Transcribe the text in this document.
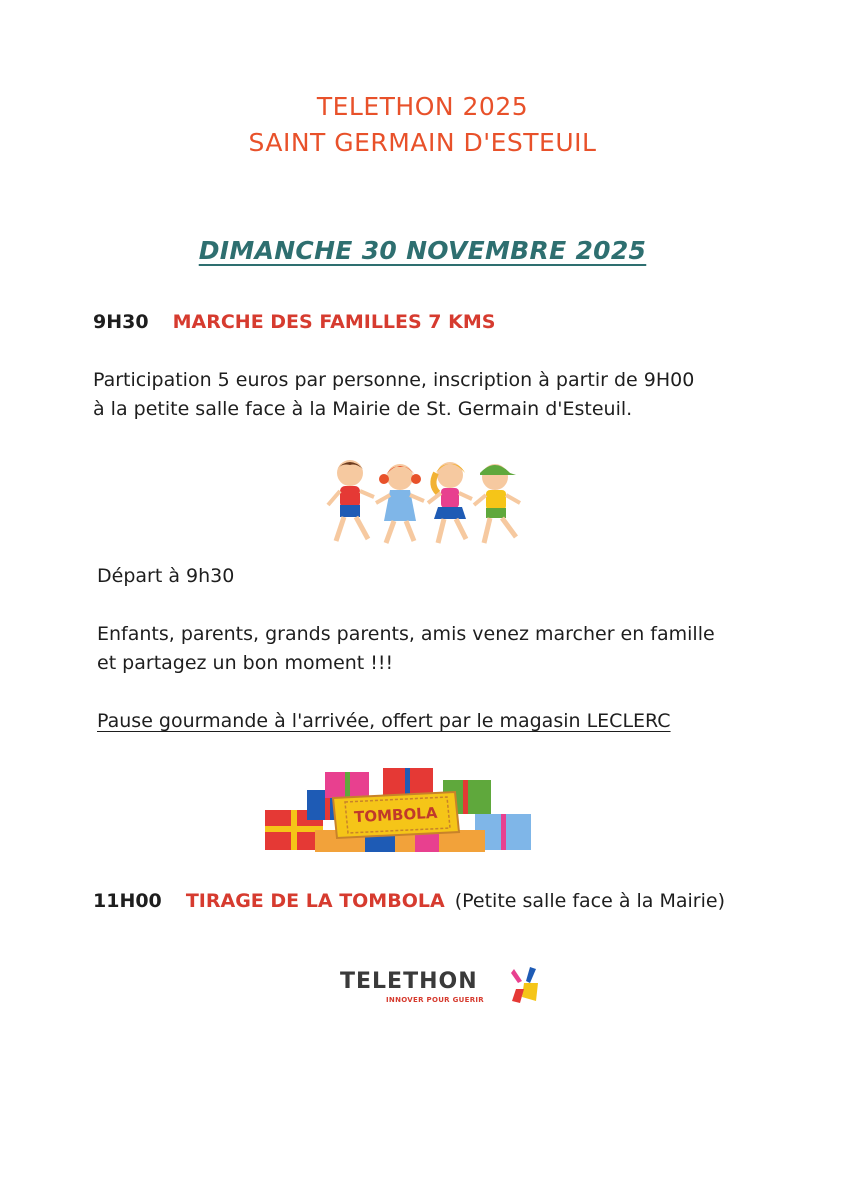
TELETHON 2025
SAINT GERMAIN D'ESTEUIL
DIMANCHE 30 NOVEMBRE 2025
9H30 MARCHE DES FAMILLES 7 KMS
Participation 5 euros par personne, inscription à partir de 9H00
à la petite salle face à la Mairie de St. Germain d'Esteuil.
Départ à 9h30
Enfants, parents, grands parents, amis venez marcher en famille
et partagez un bon moment !!!
Pause gourmande à l'arrivée, offert par le magasin LECLERC
TOMBOLA
11H00 TIRAGE DE LA TOMBOLA (Petite salle face à la Mairie)
TELETHON
INNOVER POUR GUERIR
